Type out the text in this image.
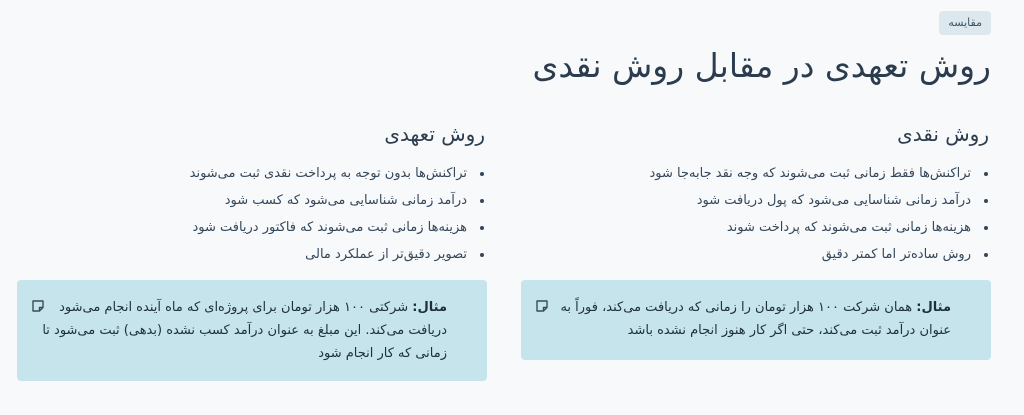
مقایسه
روش تعهدی در مقابل روش نقدی
روش نقدی
تراکنش‌ها فقط زمانی ثبت می‌شوند که وجه نقد جابه‌جا شود
درآمد زمانی شناسایی می‌شود که پول دریافت شود
هزینه‌ها زمانی ثبت می‌شوند که پرداخت شوند
روش ساده‌تر اما کمتر دقیق
روش تعهدی
تراکنش‌ها بدون توجه به پرداخت نقدی ثبت می‌شوند
درآمد زمانی شناسایی می‌شود که کسب شود
هزینه‌ها زمانی ثبت می‌شوند که فاکتور دریافت شود
تصویر دقیق‌تر از عملکرد مالی
مثال: همان شرکت ۱۰۰ هزار تومان را زمانی که دریافت می‌کند، فوراً به عنوان درآمد ثبت می‌کند، حتی اگر کار هنوز انجام نشده باشد
مثال: شرکتی ۱۰۰ هزار تومان برای پروژه‌ای که ماه آینده انجام می‌شود دریافت می‌کند. این مبلغ به عنوان درآمد کسب نشده (بدهی) ثبت می‌شود تا زمانی که کار انجام شود
